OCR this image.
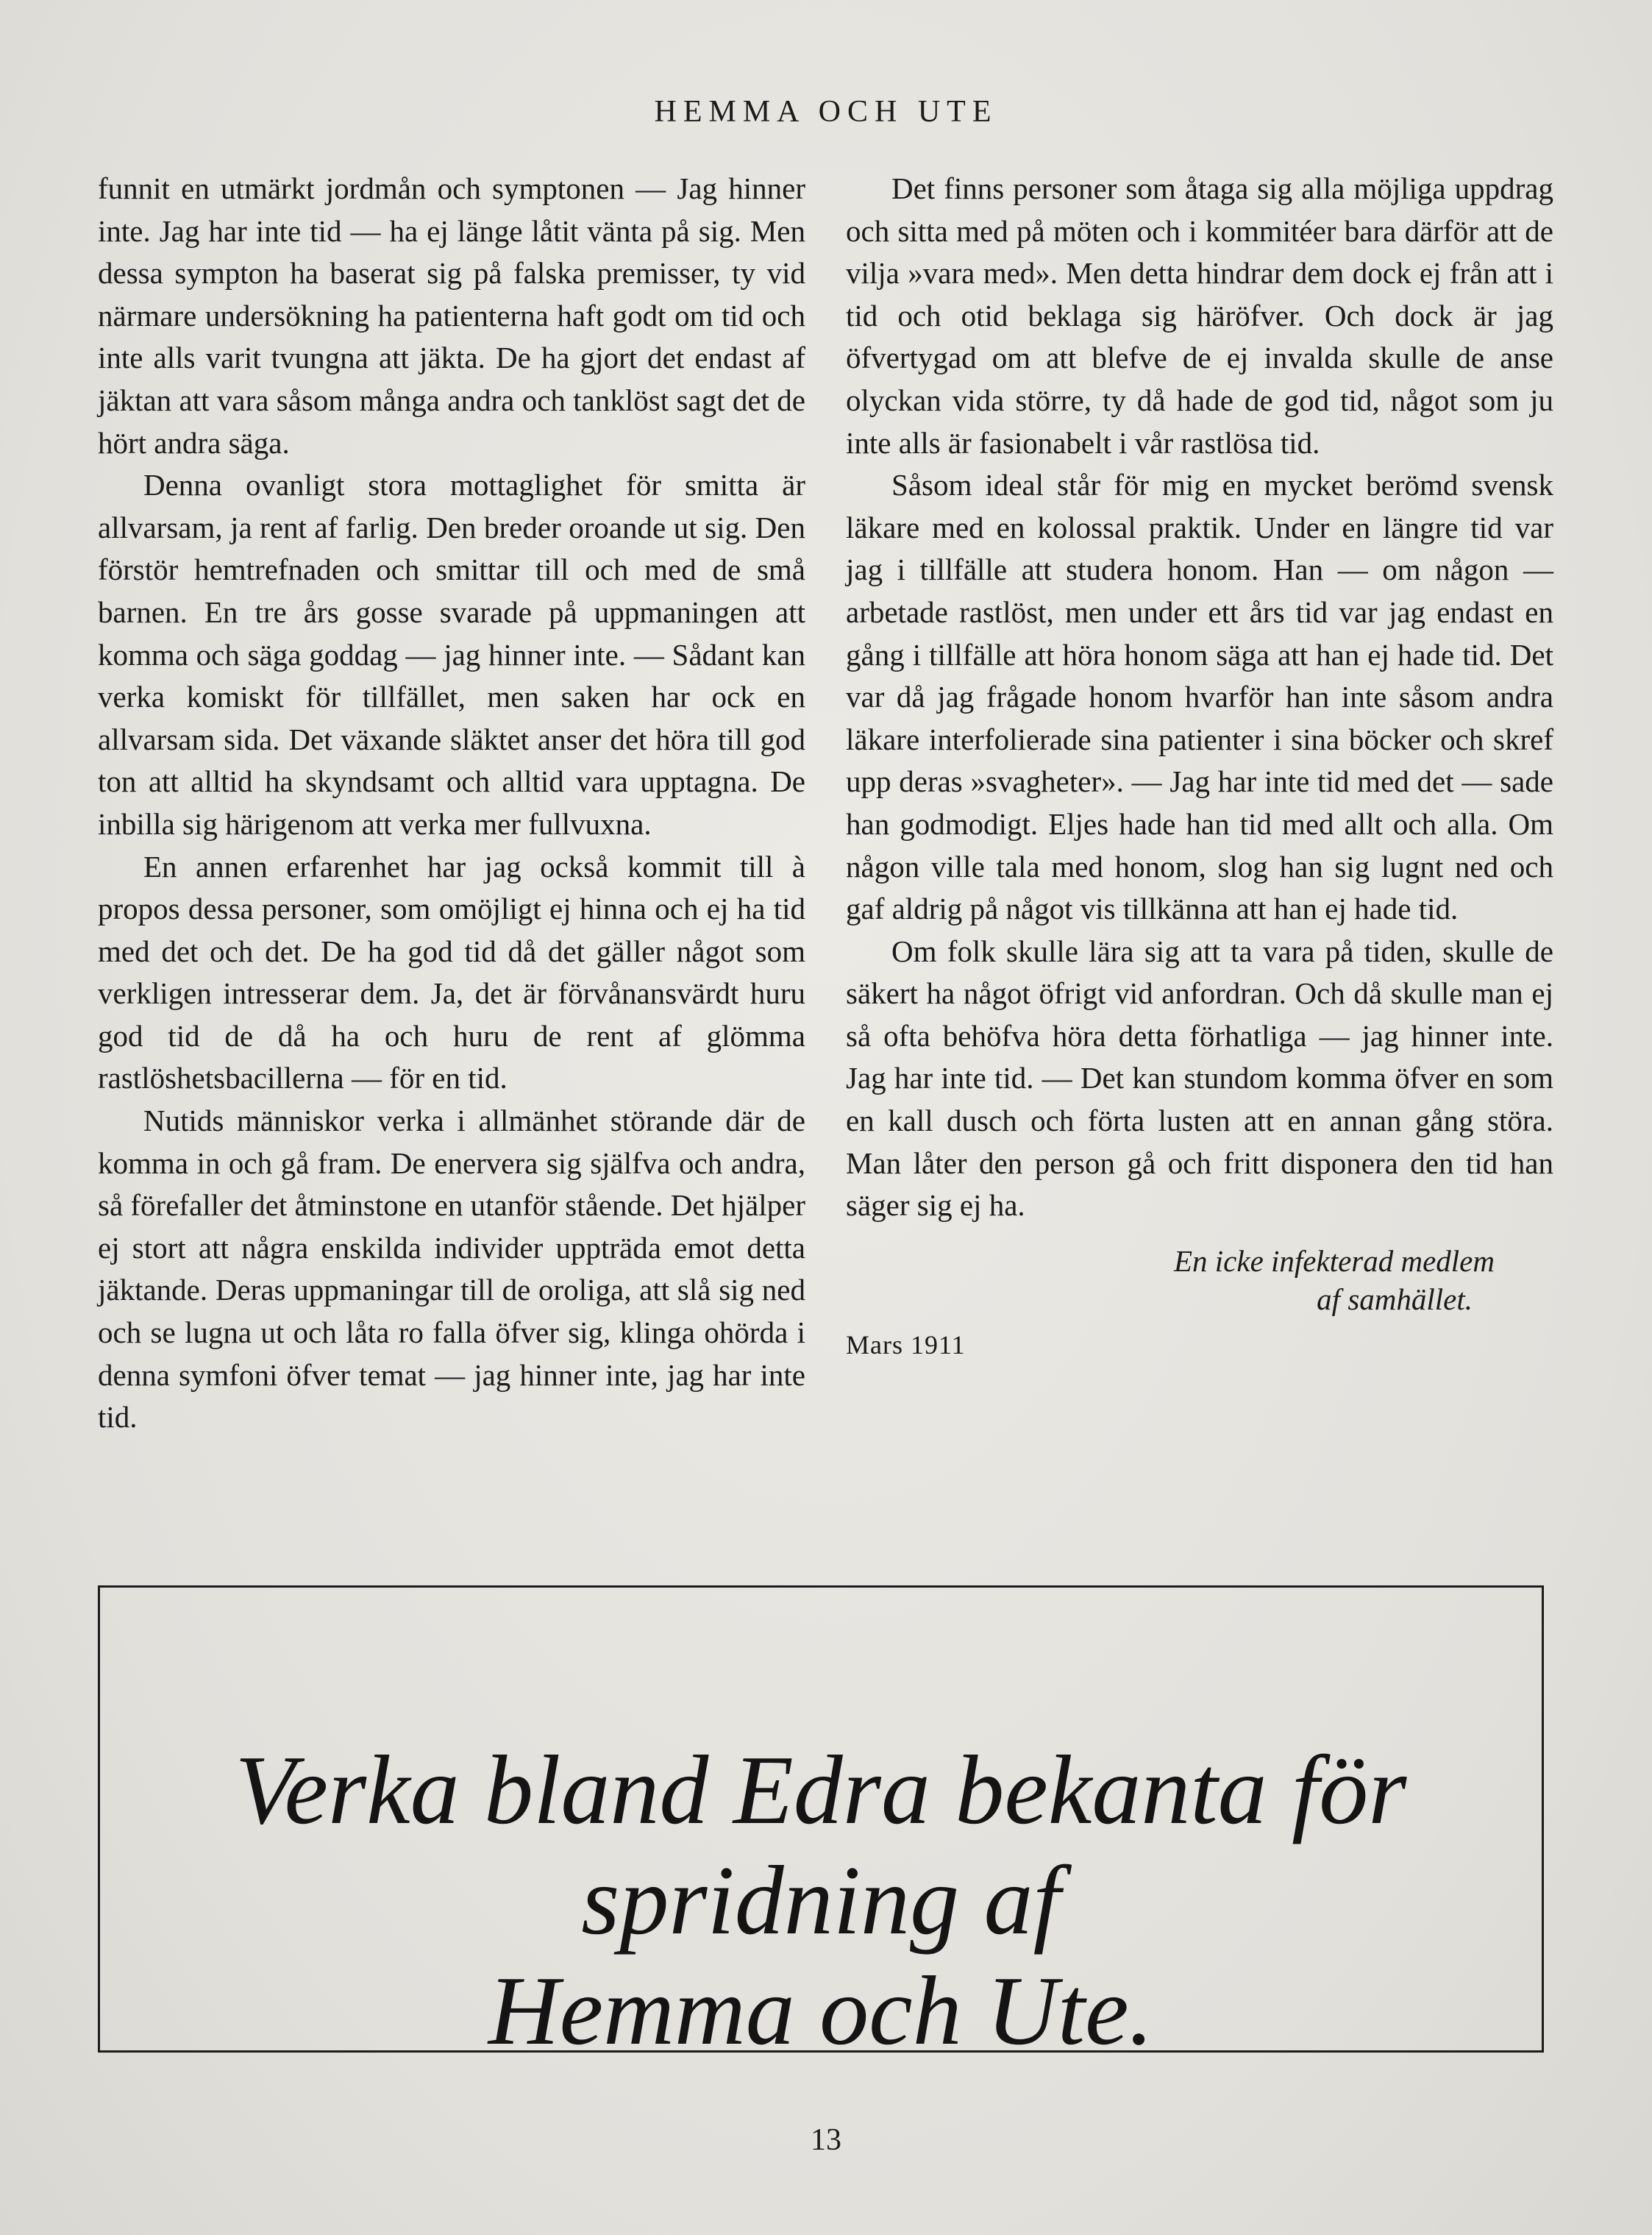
HEMMA OCH UTE

funnit en utmärkt jordmån och symptonen — Jag hinner inte. Jag har inte tid — ha ej länge låtit vänta på sig. Men dessa sympton ha baserat sig på falska premisser, ty vid närmare undersökning ha patienterna haft godt om tid och inte alls varit tvungna att jäkta. De ha gjort det endast af jäktan att vara såsom många andra och tanklöst sagt det de hört andra säga.

Denna ovanligt stora mottaglighet för smitta är allvarsam, ja rent af farlig. Den breder oroande ut sig. Den förstör hemtrefnaden och smittar till och med de små barnen. En tre års gosse svarade på uppmaningen att komma och säga goddag — jag hinner inte. — Sådant kan verka komiskt för tillfället, men saken har ock en allvarsam sida. Det växande släktet anser det höra till god ton att alltid ha skyndsamt och alltid vara upptagna. De inbilla sig härigenom att verka mer fullvuxna.

En annen erfarenhet har jag också kommit till à propos dessa personer, som omöjligt ej hinna och ej ha tid med det och det. De ha god tid då det gäller något som verkligen intresserar dem. Ja, det är förvånansvärdt huru god tid de då ha och huru de rent af glömma rastlöshetsbacillerna — för en tid.

Nutids människor verka i allmänhet störande där de komma in och gå fram. De enervera sig själfva och andra, så förefaller det åtminstone en utanför stående. Det hjälper ej stort att några enskilda individer uppträda emot detta jäktande. Deras uppmaningar till de oroliga, att slå sig ned och se lugna ut och låta ro falla öfver sig, klinga ohörda i denna symfoni öfver temat — jag hinner inte, jag har inte tid.

Det finns personer som åtaga sig alla möjliga uppdrag och sitta med på möten och i kommitéer bara därför att de vilja »vara med». Men detta hindrar dem dock ej från att i tid och otid beklaga sig häröfver. Och dock är jag öfvertygad om att blefve de ej invalda skulle de anse olyckan vida större, ty då hade de god tid, något som ju inte alls är fasionabelt i vår rastlösa tid.

Såsom ideal står för mig en mycket berömd svensk läkare med en kolossal praktik. Under en längre tid var jag i tillfälle att studera honom. Han — om någon — arbetade rastlöst, men under ett års tid var jag endast en gång i tillfälle att höra honom säga att han ej hade tid. Det var då jag frågade honom hvarför han inte såsom andra läkare interfolierade sina patienter i sina böcker och skref upp deras »svagheter». — Jag har inte tid med det — sade han godmodigt. Eljes hade han tid med allt och alla. Om någon ville tala med honom, slog han sig lugnt ned och gaf aldrig på något vis tillkänna att han ej hade tid.

Om folk skulle lära sig att ta vara på tiden, skulle de säkert ha något öfrigt vid anfordran. Och då skulle man ej så ofta behöfva höra detta förhatliga — jag hinner inte. Jag har inte tid. — Det kan stundom komma öfver en som en kall dusch och förta lusten att en annan gång störa. Man låter den person gå och fritt disponera den tid han säger sig ej ha.

En icke infekterad medlem
af samhället.
Mars 1911
Verka bland Edra bekanta för spridning af
Hemma och Ute.
13
